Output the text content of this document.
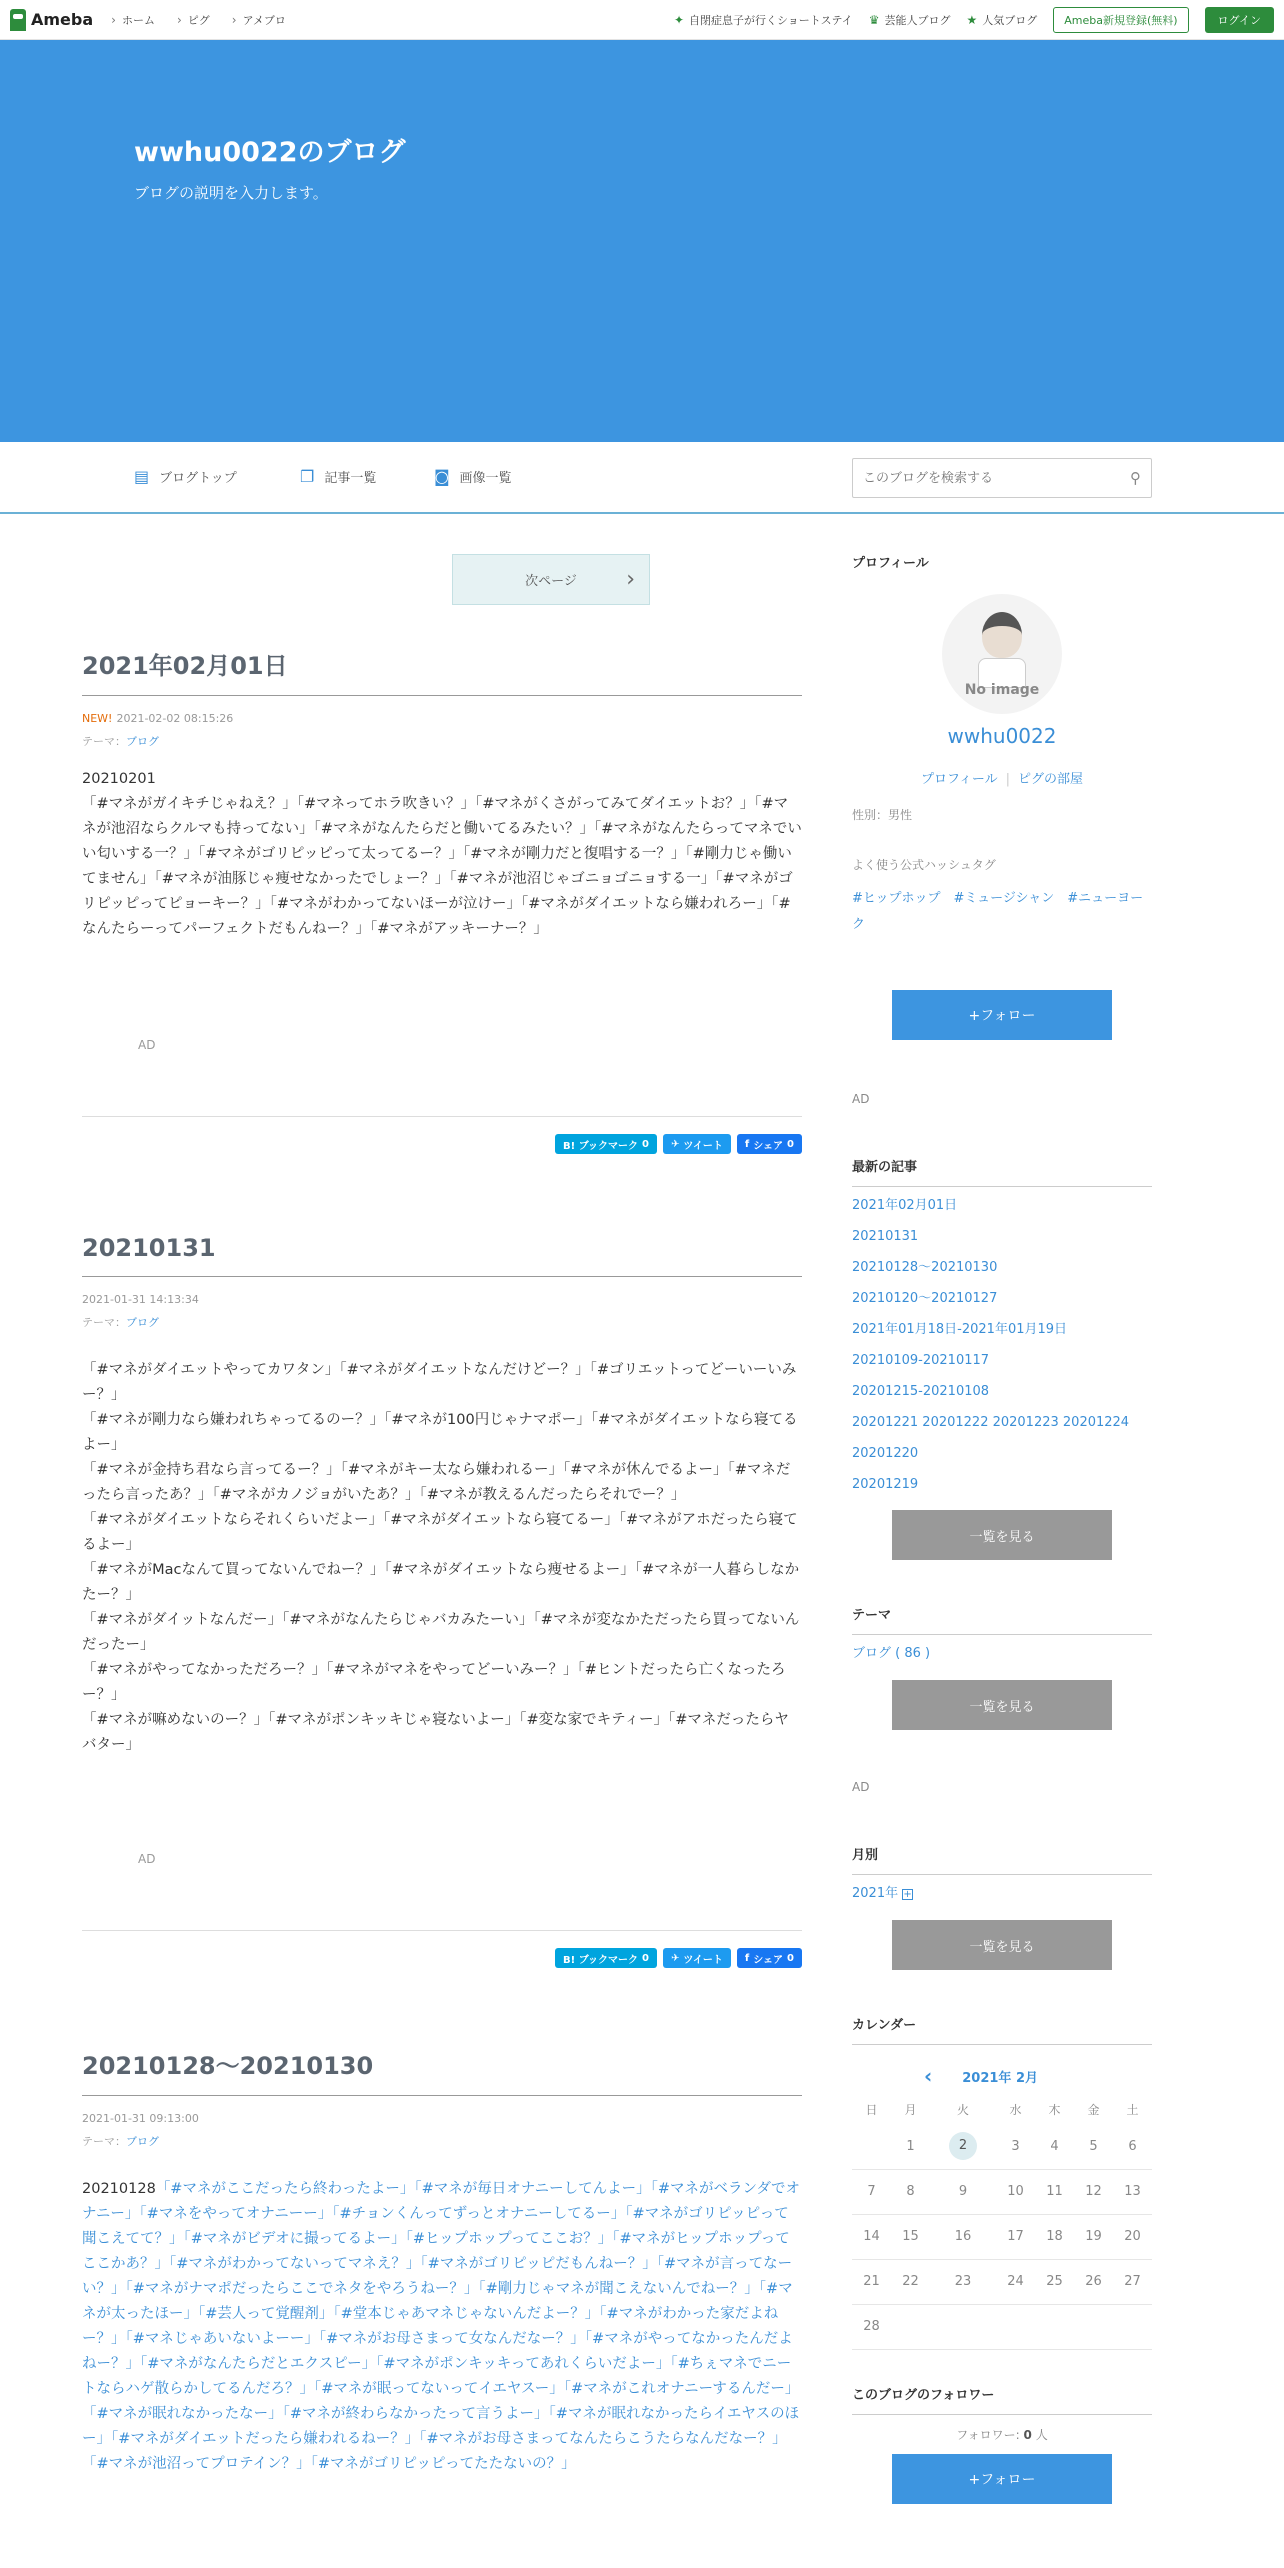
Ameba	› ホーム	› ピグ	› アメブロ	✦ 自閉症息子が行くショートステイ ♛ 芸能人ブログ ★ 人気ブログ	Ameba新規登録(無料)	ログイン
wwhu0022のブログ

ブログの説明を入力します。

▤ ブログトップ	❐ 記事一覧	◙ 画像一覧
このブログを検索する	⚲
次ページ ›
2021年02月01日
NEW! 2021-02-02 08:15:26
テーマ：ブログ
20210201
「#マネがガイキチじゃねえ？」「#マネってホラ吹きい？」「#マネがくさがってみてダイエットお？」「#マネが池沼ならクルマも持ってない」「#マネがなんたらだと働いてるみたい？」「#マネがなんたらってマネでいい匂いする一？」「#マネがゴリピッピって太ってるー？」「#マネが剛力だと復唱する一？」「#剛力じゃ働いてません」「#マネが油豚じゃ痩せなかったでしょー？」「#マネが池沼じゃゴニョゴニョする一」「#マネがゴリピッピってピョーキー？」「#マネがわかってないほーが泣けー」「#マネがダイエットなら嫌われろー」「#なんたらーってパーフェクトだもんねー？」「#マネがアッキーナー？」
AD
B! ブックマーク 0 ✈ ツイート f シェア 0
20210131
2021-01-31 14:13:34
テーマ：ブログ
「#マネがダイエットやってカワタン」「#マネがダイエットなんだけどー？」「#ゴリエットってどーいーいみー？」
「#マネが剛力なら嫌われちゃってるのー？」「#マネが100円じゃナマポー」「#マネがダイエットなら寝てるよー」
「#マネが金持ち君なら言ってるー？」「#マネがキー太なら嫌われるー」「#マネが休んでるよー」「#マネだったら言ったあ？」「#マネがカノジョがいたあ？」「#マネが教えるんだったらそれでー？」
「#マネがダイエットならそれくらいだよー」「#マネがダイエットなら寝てるー」「#マネがアホだったら寝てるよー」
「#マネがMacなんて買ってないんでねー？」「#マネがダイエットなら痩せるよー」「#マネが一人暮らしなかたー？」
「#マネがダイットなんだー」「#マネがなんたらじゃバカみたーい」「#マネが変なかただったら買ってないんだったー」
「#マネがやってなかっただろー？」「#マネがマネをやってどーいみー？」「#ヒントだったら亡くなったろー？」
「#マネが嘛めないのー？」「#マネがポンキッキじゃ寝ないよー」「#変な家でキティー」「#マネだったらヤバター」
AD
B! ブックマーク 0 ✈ ツイート f シェア 0
20210128～20210130
2021-01-31 09:13:00
テーマ：ブログ
20210128「#マネがここだったら終わったよー」「#マネが毎日オナニーしてんよー」「#マネがベランダでオナニー」「#マネをやってオナニーー」「#チョンくんってずっとオナニーしてるー」「#マネがゴリピッピって聞こえてて？」「#マネがビデオに撮ってるよー」「#ヒップホップってここお？」「#マネがヒップホップってここかあ？」「#マネがわかってないってマネえ？」「#マネがゴリピッピだもんねー？」「#マネが言ってなーい？」「#マネがナマポだったらここでネタをやろうねー？」「#剛力じゃマネが聞こえないんでねー？」「#マネが太ったほー」「#芸人って覚醒剤」「#堂本じゃあマネじゃないんだよー？」「#マネがわかった家だよねー？」「#マネじゃあいないよーー」「#マネがお母さまって女なんだなー？」「#マネがやってなかったんだよねー？」「#マネがなんたらだとエクスピー」「#マネがポンキッキってあれくらいだよー」「#ちぇマネでニートならハゲ散らかしてるんだろ？」「#マネが眠ってないってイエヤスー」「#マネがこれオナニーするんだー」「#マネが眠れなかったなー」「#マネが終わらなかったって言うよー」「#マネが眠れなかったらイエヤスのほー」「#マネがダイエットだったら嫌われるねー？」「#マネがお母さまってなんたらこうたらなんだなー？」「#マネが池沼ってプロテイン？」「#マネがゴリピッピってたたないの？」
プロフィール
No image
wwhu0022
プロフィール | ピグの部屋
性別：男性
よく使う公式ハッシュタグ
#ヒップホップ　#ミュージシャン　#ニューヨーク
+フォロー
AD
最新の記事
2021年02月01日
20210131
20210128～20210130
20210120～20210127
2021年01月18日-2021年01月19日
20210109-20210117
20201215-20210108
20201221 20201222 20201223 20201224
20201220
20201219
一覧を見る
テーマ
ブログ ( 86 )
一覧を見る
AD
月別
2021年 +
一覧を見る
カレンダー
‹ 2021年 2月
日	月	火	水	木	金	土
	1	2	3	4	5	6
7	8	9	10	11	12	13
14	15	16	17	18	19	20
21	22	23	24	25	26	27
28						
このブログのフォロワー
フォロワー: 0 人
+フォロー
